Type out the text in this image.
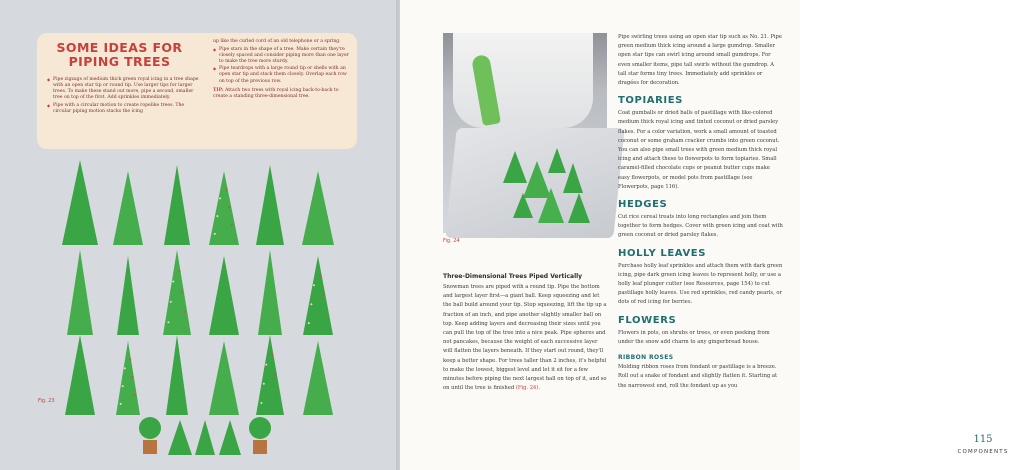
SOME IDEAS FOR
PIPING TREES
◆ Pipe zigzags of medium thick green royal icing in a tree shape with an open star tip or round tip. Use larger tips for larger trees. To make these stand out more, pipe a second, smaller tree on top of the first. Add sprinkles immediately.
◆ Pipe with a circular motion to create ropelike trees. The circular piping motion stacks the icing
up like the curled cord of an old telephone or a spring.
◆ Pipe stars in the shape of a tree. Make certain they're closely spaced and consider piping more than one layer to make the tree more sturdy.
◆ Pipe teardrops with a large round tip or shells with an open star tip and stack them closely. Overlap each row on top of the previous row.
TIP: Attach two trees with royal icing back-to-back to create a standing three-dimensional tree.
Fig. 23
Fig. 24
Three-Dimensional Trees Piped Vertically
Snowman trees are piped with a round tip. Pipe the bottom and largest layer first—a giant ball. Keep squeezing and let the ball build around your tip. Stop squeezing, lift the tip up a fraction of an inch, and pipe another slightly smaller ball on top. Keep adding layers and decreasing their sizes until you can pull the top of the tree into a nice peak. Pipe spheres and not pancakes, because the weight of each successive layer will flatten the layers beneath. If they start out round, they'll keep a better shape. For trees taller than 2 inches, it's helpful to make the lowest, biggest level and let it sit for a few minutes before piping the next largest ball on top of it, and so on until the tree is finished (Fig. 24).

Pipe swirling trees using an open star tip such as No. 21. Pipe green medium thick icing around a large gumdrop. Smaller open star tips can swirl icing around small gumdrops. For even smaller items, pipe tall swirls without the gumdrop. A tall star forms tiny trees. Immediately add sprinkles or dragées for decoration.

TOPIARIES

Coat gumballs or dried balls of pastillage with like-colored medium thick royal icing and tinted coconut or dried parsley flakes. For a color variation, work a small amount of toasted coconut or some graham cracker crumbs into green coconut. You can also pipe small trees with green medium thick royal icing and attach these to flowerpots to form topiaries. Small caramel-filled chocolate cups or peanut butter cups make easy flowerpots, or model pots from pastillage (see Flowerpots, page 116).

HEDGES

Cut rice cereal treats into long rectangles and join them together to form hedges. Cover with green icing and coat with green coconut or dried parsley flakes.

HOLLY LEAVES

Purchase holly leaf sprinkles and attach them with dark green icing, pipe dark green icing leaves to represent holly, or use a holly leaf plunger cutter (see Resources, page 154) to cut pastillage holly leaves. Use red sprinkles, red candy pearls, or dots of red icing for berries.

FLOWERS

Flowers in pots, on shrubs or trees, or even peeking from under the snow add charm to any gingerbread house.

RIBBON ROSES

Molding ribbon roses from fondant or pastillage is a breeze. Roll out a snake of fondant and slightly flatten it. Starting at the narrowest end, roll the fondant up as you

115
COMPONENTS
